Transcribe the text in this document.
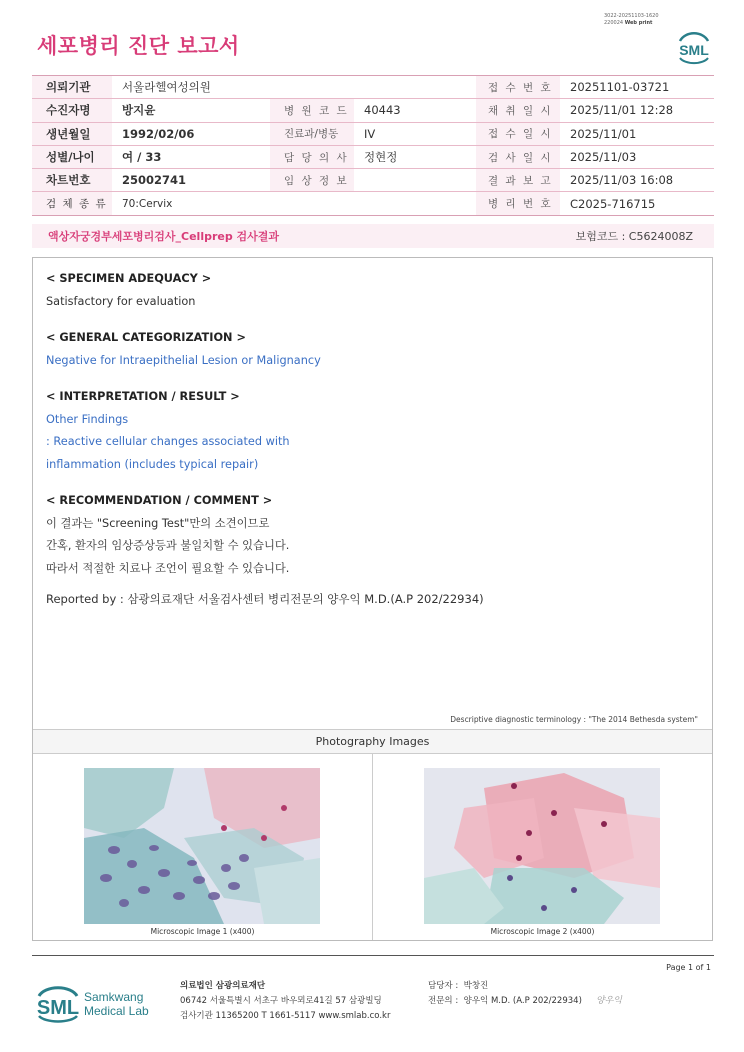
3022-20251103-1620
220024 Web print
세포병리 진단 보고서	SML
의뢰기관	서울라헬여성의원			접 수 번 호	20251101-03721
수진자명	방지윤	병 원 코 드	40443	채 취 일 시	2025/11/01 12:28
생년월일	1992/02/06	진료과/병동	IV	접 수 일 시	2025/11/01
성별/나이	여 / 33	담 당 의 사	정현정	검 사 일 시	2025/11/03
차트번호	25002741	임 상 정 보		결 과 보 고	2025/11/03 16:08
검 체 종 류	70:Cervix			병 리 번 호	C2025-716715
액상자궁경부세포병리검사_Cellprep 검사결과	보험코드 : C5624008Z
< SPECIMEN ADEQUACY >
Satisfactory for evaluation
< GENERAL CATEGORIZATION >
Negative for Intraepithelial Lesion or Malignancy
< INTERPRETATION / RESULT >
Other Findings
: Reactive cellular changes associated with
inflammation (includes typical repair)
< RECOMMENDATION / COMMENT >
이 결과는 "Screening Test"만의 소견이므로
간혹, 환자의 임상증상등과 불일치할 수 있습니다.
따라서 적절한 치료나 조언이 필요할 수 있습니다.
Reported by : 삼광의료재단 서울검사센터 병리전문의 양우익 M.D.(A.P 202/22934)
Descriptive diagnostic terminology : "The 2014 Bethesda system"
Photography Images
Microscopic Image 1 (x400)	Microscopic Image 2 (x400)
Page 1 of 1
SML Samkwang
Medical Lab
의료법인 삼광의료재단
06742 서울특별시 서초구 바우뫼로41길 57 삼광빌딩
검사기관 11365200 T 1661-5117 www.smlab.co.kr
담당자 : 박창진
전문의 : 양우익 M.D. (A.P 202/22934) 양우익
